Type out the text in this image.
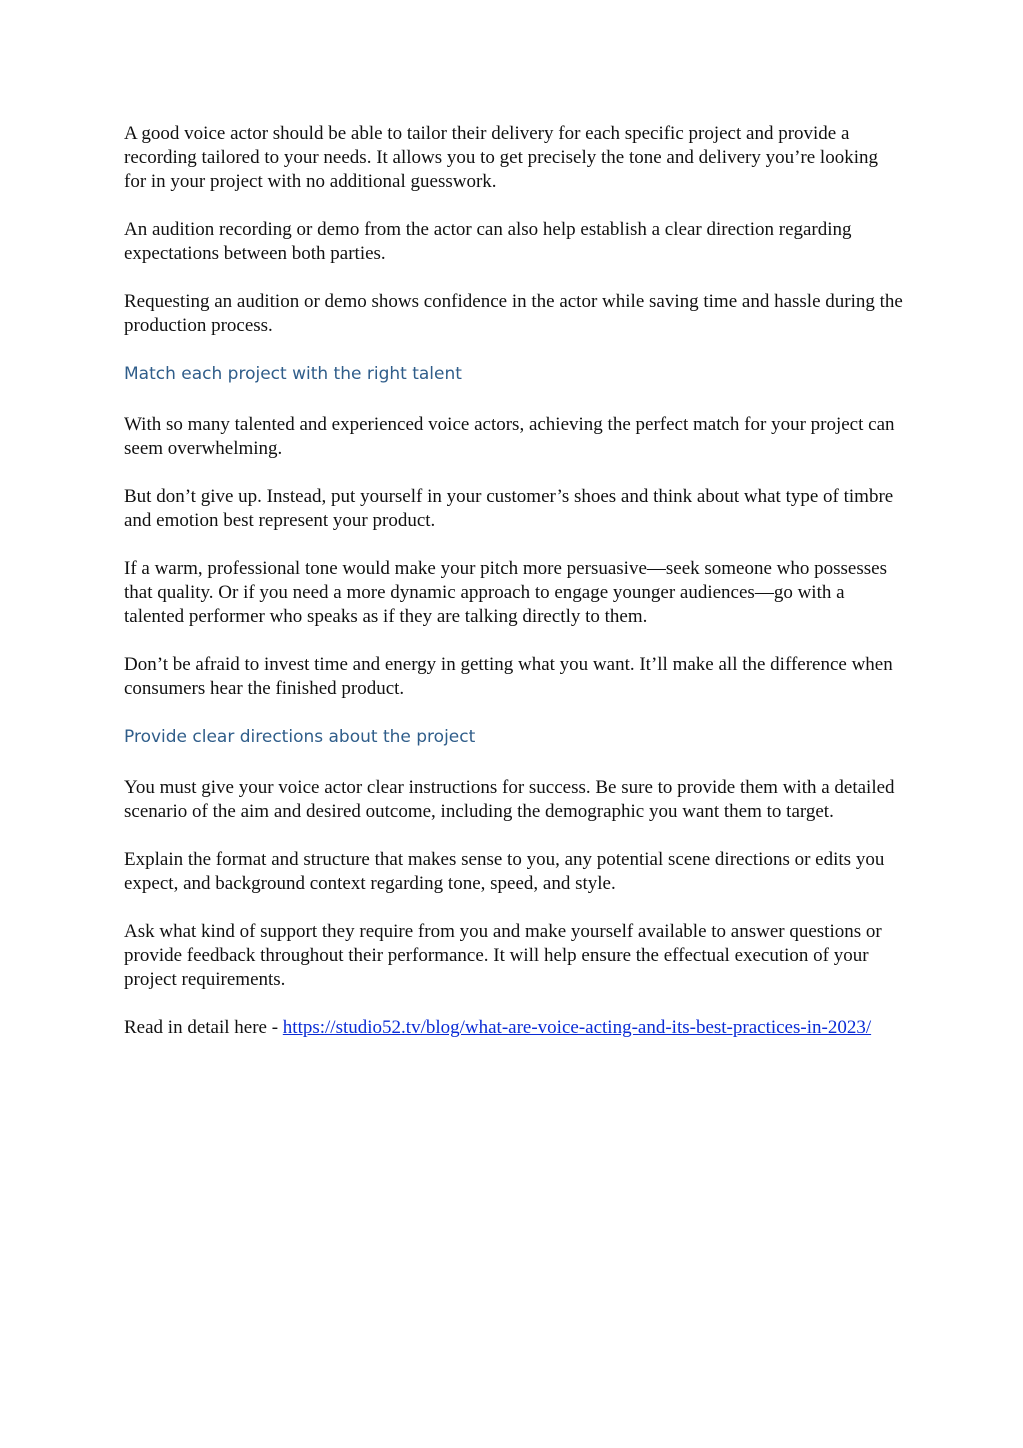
A good voice actor should be able to tailor their delivery for each specific project and provide a recording tailored to your needs. It allows you to get precisely the tone and delivery you’re looking for in your project with no additional guesswork.

An audition recording or demo from the actor can also help establish a clear direction regarding expectations between both parties.

Requesting an audition or demo shows confidence in the actor while saving time and hassle during the production process.

Match each project with the right talent

With so many talented and experienced voice actors, achieving the perfect match for your project can seem overwhelming.

But don’t give up. Instead, put yourself in your customer’s shoes and think about what type of timbre and emotion best represent your product.

If a warm, professional tone would make your pitch more persuasive—seek someone who possesses that quality. Or if you need a more dynamic approach to engage younger audiences—go with a talented performer who speaks as if they are talking directly to them.

Don’t be afraid to invest time and energy in getting what you want. It’ll make all the difference when consumers hear the finished product.

Provide clear directions about the project

You must give your voice actor clear instructions for success. Be sure to provide them with a detailed scenario of the aim and desired outcome, including the demographic you want them to target.

Explain the format and structure that makes sense to you, any potential scene directions or edits you expect, and background context regarding tone, speed, and style.

Ask what kind of support they require from you and make yourself available to answer questions or provide feedback throughout their performance. It will help ensure the effectual execution of your project requirements.

Read in detail here - https://studio52.tv/blog/what-are-voice-acting-and-its-best-practices-in-2023/
